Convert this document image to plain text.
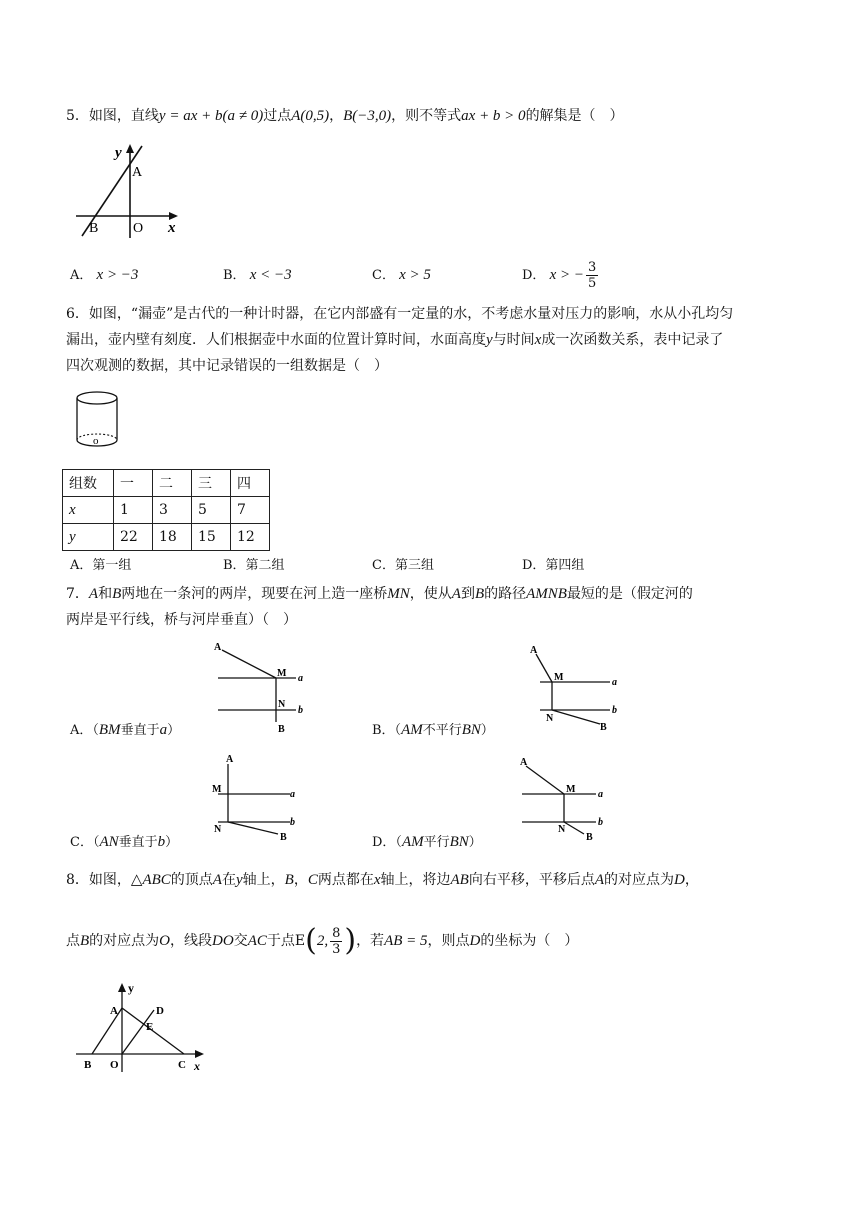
5．如图，直线y = ax + b(a ≠ 0)过点A(0,5)，B(−3,0)，则不等式ax + b > 0的解集是（　）
y
x
A
B O
A． x > −3	B． x < −3	C． x > 5	D． x > − $\frac{3}{5}$
6．如图，“漏壶”是古代的一种计时器，在它内部盛有一定量的水，不考虑水量对压力的影响，水从小孔均匀
漏出，壶内壁有刻度．人们根据壶中水面的位置计算时间，水面高度y与时间x成一次函数关系，表中记录了
四次观测的数据，其中记录错误的一组数据是（　）
o
组数	一	二	三	四
x	1	3	5	7
y	22	18	15	12
A．第一组	B．第二组	C．第三组	D．第四组
7．A和B两地在一条河的两岸，现要在河上造一座桥MN，使从A到B的路径AMNB最短的是（假定河的
两岸是平行线，桥与河岸垂直）（　）
A
M a
N
b
B
A．（BM垂直于a）
A
M	a
N
b
B
B．（AM不平行BN）
A
M	a
N
b
B
C．（AN垂直于b）
A
M a
N
b
B
D．（AM平行BN）
8．如图，△ABC的顶点A在y轴上，B，C两点都在x轴上，将边AB向右平移，平移后点A的对应点为D，
点B的对应点为O，线段DO交AC于点E(2, $\frac{8}{3}$ )，若AB = 5，则点D的坐标为（　）
y
x
A	D
E
B O	C
